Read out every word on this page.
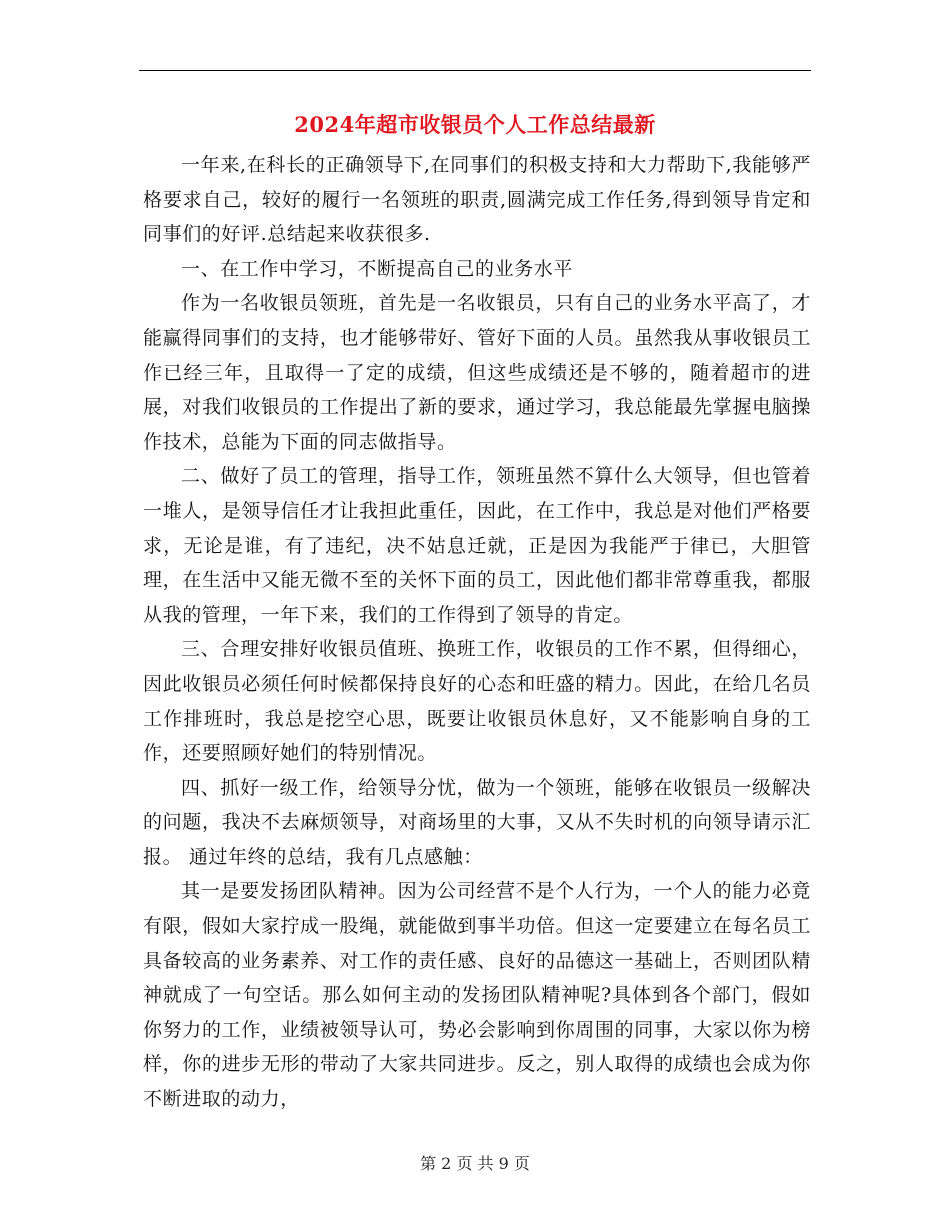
2024年超市收银员个人工作总结最新

一年来,在科长的正确领导下,在同事们的积极支持和大力帮助下,我能够严格要求自己，较好的履行一名领班的职责,圆满完成工作任务,得到领导肯定和同事们的好评.总结起来收获很多.

一、在工作中学习，不断提高自己的业务水平

作为一名收银员领班，首先是一名收银员，只有自己的业务水平高了，才能赢得同事们的支持，也才能够带好、管好下面的人员。虽然我从事收银员工作已经三年，且取得一了定的成绩，但这些成绩还是不够的，随着超市的进展，对我们收银员的工作提出了新的要求，通过学习，我总能最先掌握电脑操作技术，总能为下面的同志做指导。

二、做好了员工的管理，指导工作，领班虽然不算什么大领导，但也管着一堆人，是领导信任才让我担此重任，因此，在工作中，我总是对他们严格要求，无论是谁，有了违纪，决不姑息迁就，正是因为我能严于律已，大胆管理，在生活中又能无微不至的关怀下面的员工，因此他们都非常尊重我，都服从我的管理，一年下来，我们的工作得到了领导的肯定。

三、合理安排好收银员值班、换班工作，收银员的工作不累，但得细心，因此收银员必须任何时候都保持良好的心态和旺盛的精力。因此，在给几名员工作排班时，我总是挖空心思，既要让收银员休息好，又不能影响自身的工作，还要照顾好她们的特别情况。

四、抓好一级工作，给领导分忧，做为一个领班，能够在收银员一级解决的问题，我决不去麻烦领导，对商场里的大事，又从不失时机的向领导请示汇报。 通过年终的总结，我有几点感触：

其一是要发扬团队精神。因为公司经营不是个人行为，一个人的能力必竟有限，假如大家拧成一股绳，就能做到事半功倍。但这一定要建立在每名员工具备较高的业务素养、对工作的责任感、良好的品德这一基础上，否则团队精神就成了一句空话。那么如何主动的发扬团队精神呢?具体到各个部门，假如你努力的工作，业绩被领导认可，势必会影响到你周围的同事，大家以你为榜样，你的进步无形的带动了大家共同进步。反之，别人取得的成绩也会成为你不断进取的动力，

第 2 页 共 9 页
